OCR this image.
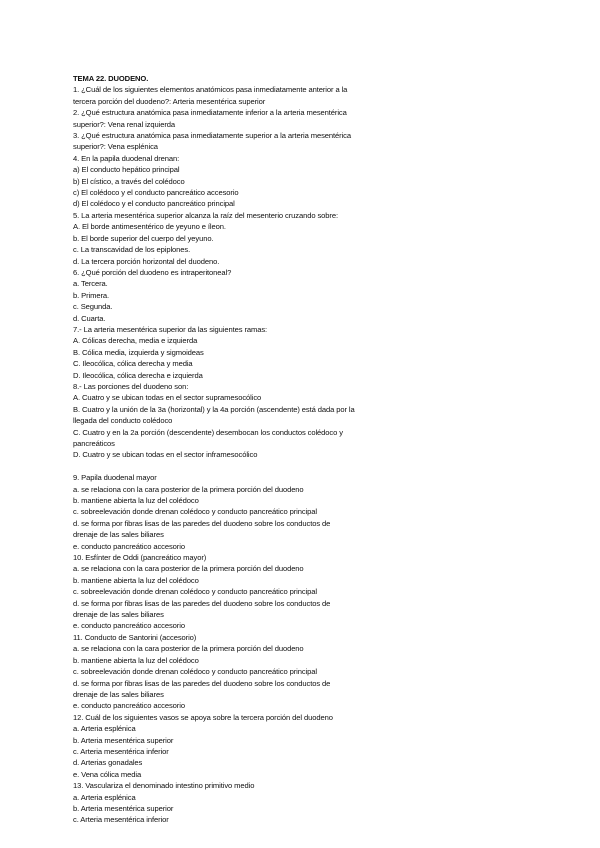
TEMA 22. DUODENO.
1. ¿Cuál de los siguientes elementos anatómicos pasa inmediatamente anterior a la
tercera porción del duodeno?: Arteria mesentérica superior
2. ¿Qué estructura anatómica pasa inmediatamente inferior a la arteria mesentérica
superior?: Vena renal izquierda
3. ¿Qué estructura anatómica pasa inmediatamente superior a la arteria mesentérica
superior?: Vena esplénica
4. En la papila duodenal drenan:
a) El conducto hepático principal
b) El cístico, a través del colédoco
c) El colédoco y el conducto pancreático accesorio
d) El colédoco y el conducto pancreático principal
5. La arteria mesentérica superior alcanza la raíz del mesenterio cruzando sobre:
A. El borde antimesentérico de yeyuno e íleon.
b. El borde superior del cuerpo del yeyuno.
c. La transcavidad de los epiplones.
d. La tercera porción horizontal del duodeno.
6. ¿Qué porción del duodeno es intraperitoneal?
a. Tercera.
b. Primera.
c. Segunda.
d. Cuarta.
7.- La arteria mesentérica superior da las siguientes ramas:
A. Cólicas derecha, media e izquierda
B. Cólica media, izquierda y sigmoideas
C. Ileocólica, cólica derecha y media
D. Ileocólica, cólica derecha e izquierda
8.- Las porciones del duodeno son:
A. Cuatro y se ubican todas en el sector supramesocólico
B. Cuatro y la unión de la 3a (horizontal) y la 4a porción (ascendente) está dada por la
llegada del conducto colédoco
C. Cuatro y en la 2a porción (descendente) desembocan los conductos colédoco y
pancreáticos
D. Cuatro y se ubican todas en el sector inframesocólico
9. Papila duodenal mayor
a. se relaciona con la cara posterior de la primera porción del duodeno
b. mantiene abierta la luz del colédoco
c. sobreelevación donde drenan colédoco y conducto pancreático principal
d. se forma por fibras lisas de las paredes del duodeno sobre los conductos de
drenaje de las sales biliares
e. conducto pancreático accesorio
10. Esfínter de Oddi (pancreático mayor)
a. se relaciona con la cara posterior de la primera porción del duodeno
b. mantiene abierta la luz del colédoco
c. sobreelevación donde drenan colédoco y conducto pancreático principal
d. se forma por fibras lisas de las paredes del duodeno sobre los conductos de
drenaje de las sales biliares
e. conducto pancreático accesorio
11. Conducto de Santorini (accesorio)
a. se relaciona con la cara posterior de la primera porción del duodeno
b. mantiene abierta la luz del colédoco
c. sobreelevación donde drenan colédoco y conducto pancreático principal
d. se forma por fibras lisas de las paredes del duodeno sobre los conductos de
drenaje de las sales biliares
e. conducto pancreático accesorio
12. Cuál de los siguientes vasos se apoya sobre la tercera porción del duodeno
a. Arteria esplénica
b. Arteria mesentérica superior
c. Arteria mesentérica inferior
d. Arterias gonadales
e. Vena cólica media
13. Vasculariza el denominado intestino primitivo medio
a. Arteria esplénica
b. Arteria mesentérica superior
c. Arteria mesentérica inferior
